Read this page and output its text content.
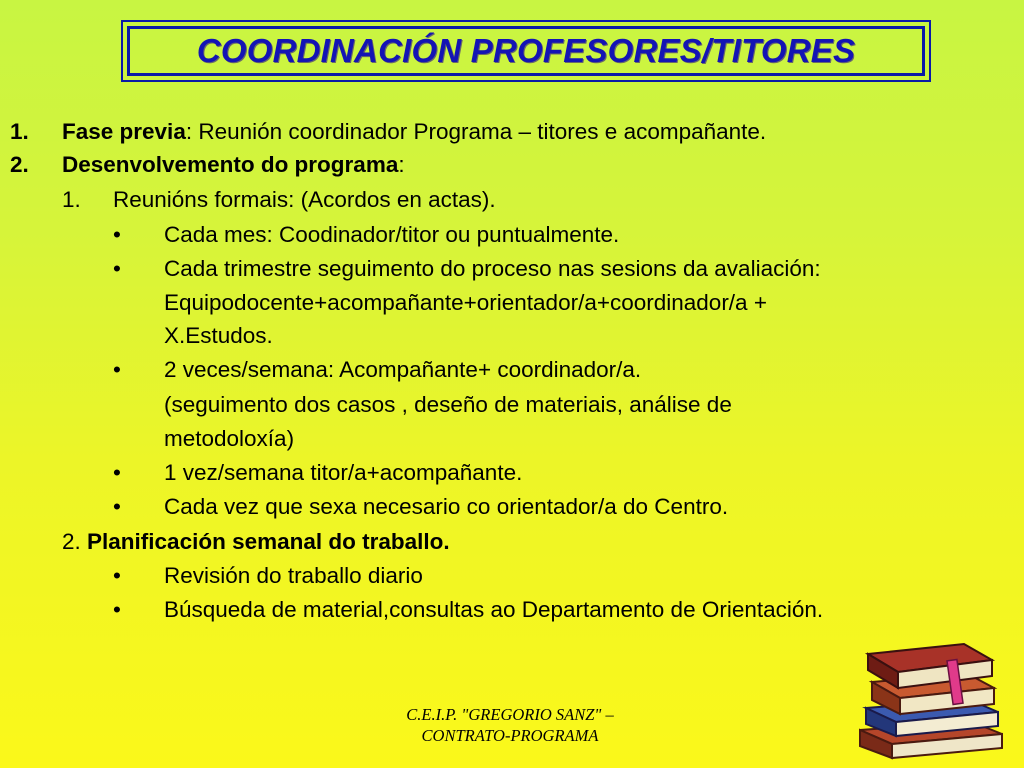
COORDINACIÓN PROFESORES/TITORES
1. Fase previa: Reunión coordinador Programa – titores e acompañante.
2. Desenvolvemento do programa:
1. Reunións formais: (Acordos en actas).
• Cada mes: Coodinador/titor ou puntualmente.
• Cada trimestre seguimento do proceso nas sesions da avaliación:
Equipodocente+acompañante+orientador/a+coordinador/a +
X.Estudos.
• 2 veces/semana: Acompañante+ coordinador/a.
(seguimento dos casos , deseño de materiais, análise de
metodoloxía)
• 1 vez/semana titor/a+acompañante.
• Cada vez que sexa necesario co orientador/a do Centro.
2. Planificación semanal do traballo.
• Revisión do traballo diario
• Búsqueda de material,consultas ao Departamento de Orientación.
C.E.I.P. "GREGORIO SANZ" –
CONTRATO-PROGRAMA
